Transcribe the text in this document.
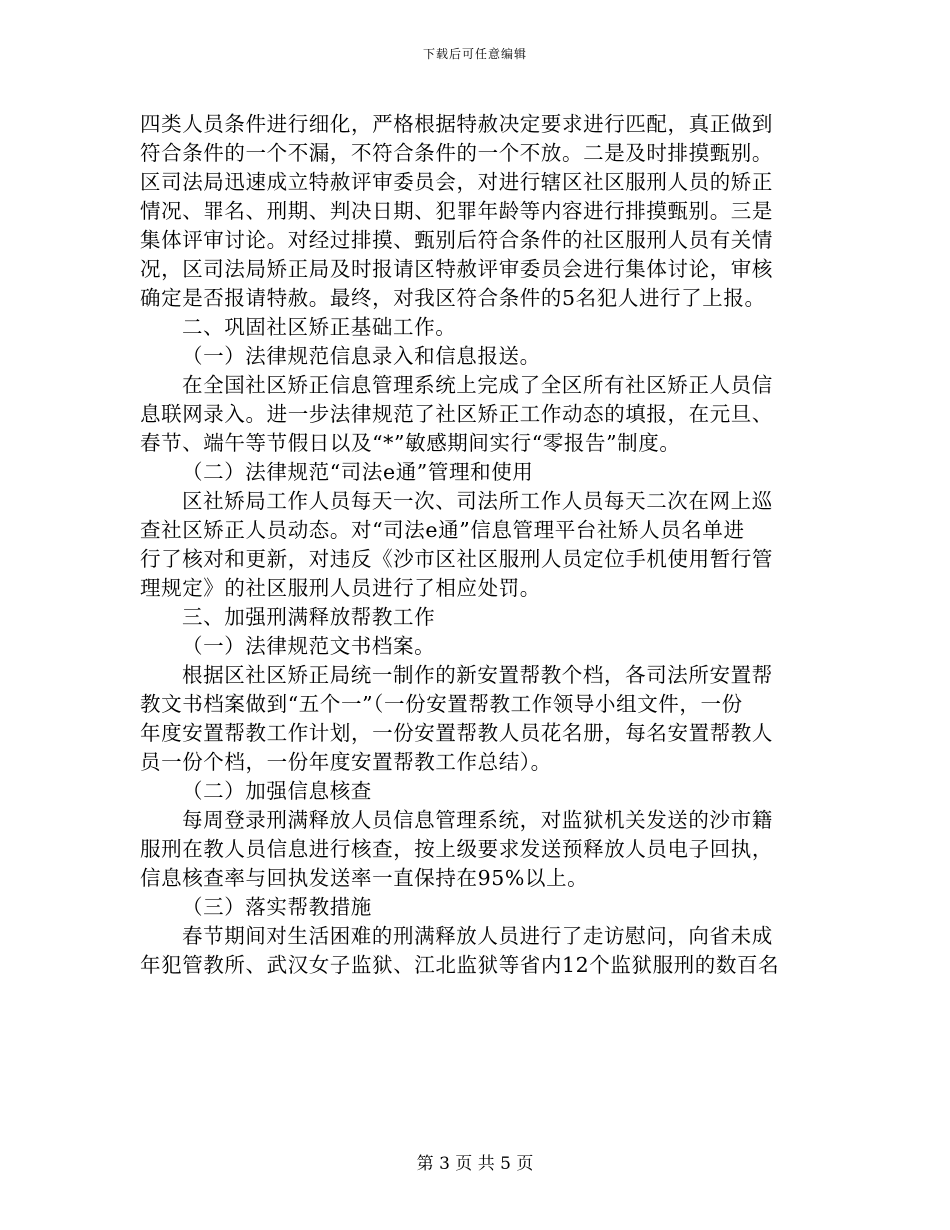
下载后可任意编辑
四类人员条件进行细化，严格根据特赦决定要求进行匹配，真正做到
符合条件的一个不漏，不符合条件的一个不放。二是及时排摸甄别。
区司法局迅速成立特赦评审委员会，对进行辖区社区服刑人员的矫正
情况、罪名、刑期、判决日期、犯罪年龄等内容进行排摸甄别。三是
集体评审讨论。对经过排摸、甄别后符合条件的社区服刑人员有关情
况，区司法局矫正局及时报请区特赦评审委员会进行集体讨论，审核
确定是否报请特赦。最终，对我区符合条件的5名犯人进行了上报。
二、巩固社区矫正基础工作。
（一）法律规范信息录入和信息报送。
在全国社区矫正信息管理系统上完成了全区所有社区矫正人员信
息联网录入。进一步法律规范了社区矫正工作动态的填报，在元旦、
春节、端午等节假日以及“*”敏感期间实行“零报告”制度。
（二）法律规范“司法e通”管理和使用
区社矫局工作人员每天一次、司法所工作人员每天二次在网上巡
查社区矫正人员动态。对“司法e通”信息管理平台社矫人员名单进
行了核对和更新，对违反《沙市区社区服刑人员定位手机使用暂行管
理规定》的社区服刑人员进行了相应处罚。
三、加强刑满释放帮教工作
（一）法律规范文书档案。
根据区社区矫正局统一制作的新安置帮教个档，各司法所安置帮
教文书档案做到“五个一”（一份安置帮教工作领导小组文件，一份
年度安置帮教工作计划，一份安置帮教人员花名册，每名安置帮教人
员一份个档，一份年度安置帮教工作总结）。
（二）加强信息核查
每周登录刑满释放人员信息管理系统，对监狱机关发送的沙市籍
服刑在教人员信息进行核查，按上级要求发送预释放人员电子回执，
信息核查率与回执发送率一直保持在95%以上。
（三）落实帮教措施
春节期间对生活困难的刑满释放人员进行了走访慰问，向省未成
年犯管教所、武汉女子监狱、江北监狱等省内12个监狱服刑的数百名
第 3 页 共 5 页
